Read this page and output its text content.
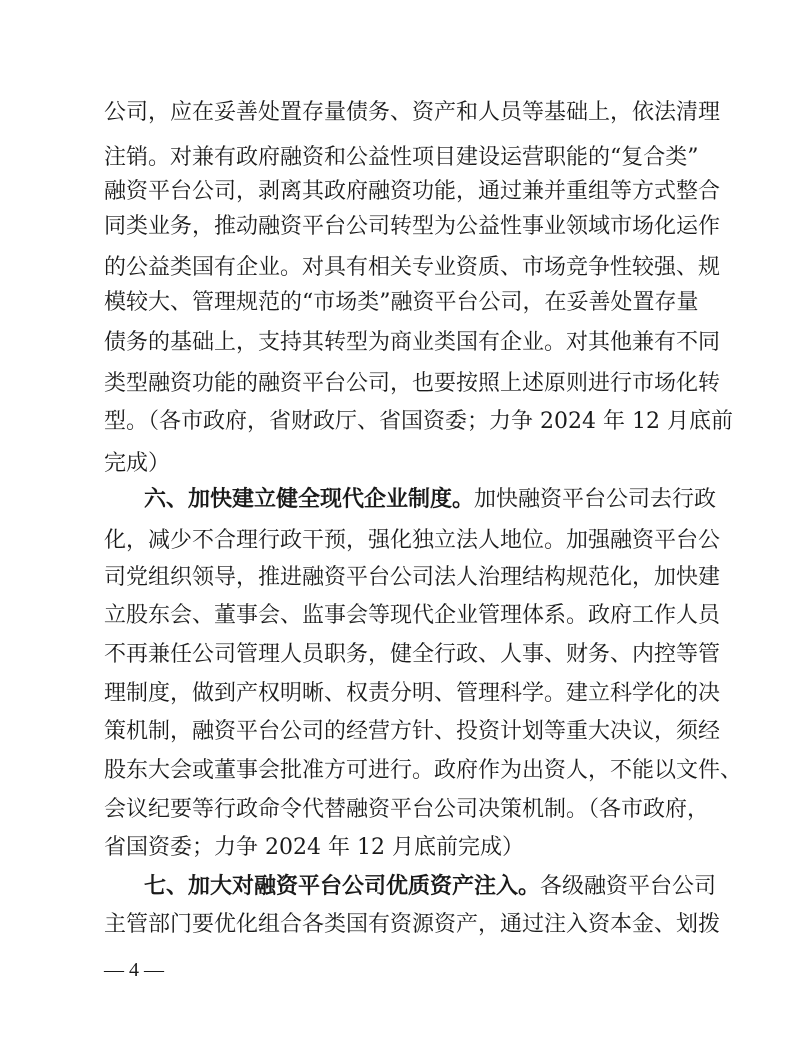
公司，应在妥善处置存量债务、资产和人员等基础上，依法清理
注销。对兼有政府融资和公益性项目建设运营职能的“复合类”
融资平台公司，剥离其政府融资功能，通过兼并重组等方式整合
同类业务，推动融资平台公司转型为公益性事业领域市场化运作
的公益类国有企业。对具有相关专业资质、市场竞争性较强、规
模较大、管理规范的“市场类”融资平台公司，在妥善处置存量
债务的基础上，支持其转型为商业类国有企业。对其他兼有不同
类型融资功能的融资平台公司，也要按照上述原则进行市场化转
型。（各市政府，省财政厅、省国资委；力争 2024 年 12 月底前
完成）
六、加快建立健全现代企业制度。加快融资平台公司去行政
化，减少不合理行政干预，强化独立法人地位。加强融资平台公
司党组织领导，推进融资平台公司法人治理结构规范化，加快建
立股东会、董事会、监事会等现代企业管理体系。政府工作人员
不再兼任公司管理人员职务，健全行政、人事、财务、内控等管
理制度，做到产权明晰、权责分明、管理科学。建立科学化的决
策机制，融资平台公司的经营方针、投资计划等重大决议，须经
股东大会或董事会批准方可进行。政府作为出资人，不能以文件、
会议纪要等行政命令代替融资平台公司决策机制。（各市政府，
省国资委；力争 2024 年 12 月底前完成）
七、加大对融资平台公司优质资产注入。各级融资平台公司
主管部门要优化组合各类国有资源资产，通过注入资本金、划拨
— 4 —
